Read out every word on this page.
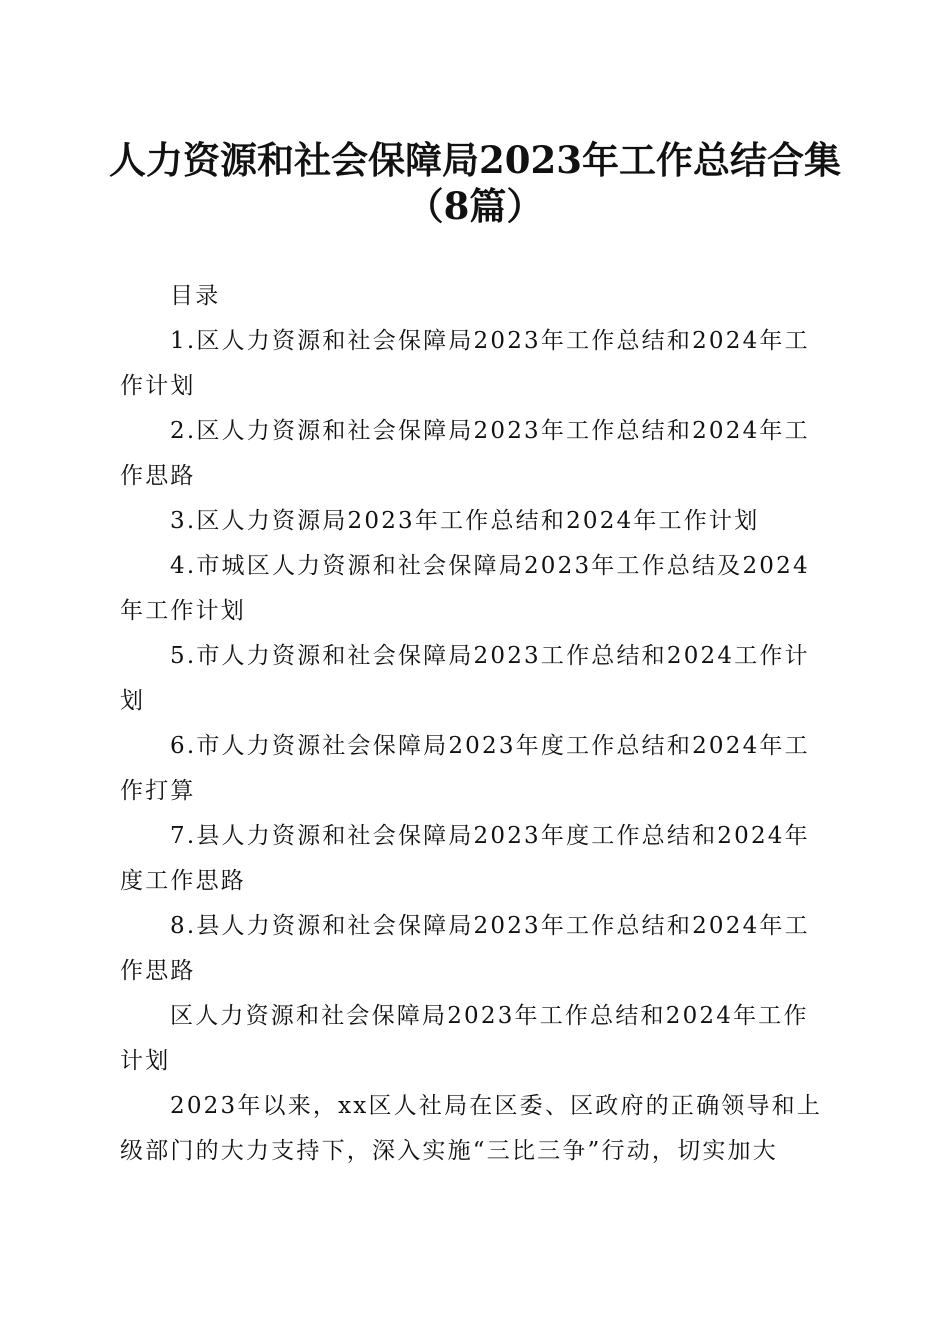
人力资源和社会保障局2023年工作总结合集
（8篇）
目录
1.区人力资源和社会保障局2023年工作总结和2024年工
作计划
2.区人力资源和社会保障局2023年工作总结和2024年工
作思路
3.区人力资源局2023年工作总结和2024年工作计划
4.市城区人力资源和社会保障局2023年工作总结及2024
年工作计划
5.市人力资源和社会保障局2023工作总结和2024工作计
划
6.市人力资源社会保障局2023年度工作总结和2024年工
作打算
7.县人力资源和社会保障局2023年度工作总结和2024年
度工作思路
8.县人力资源和社会保障局2023年工作总结和2024年工
作思路
区人力资源和社会保障局2023年工作总结和2024年工作
计划
2023年以来，xx区人社局在区委、区政府的正确领导和上
级部门的大力支持下，深入实施“三比三争”行动，切实加大
